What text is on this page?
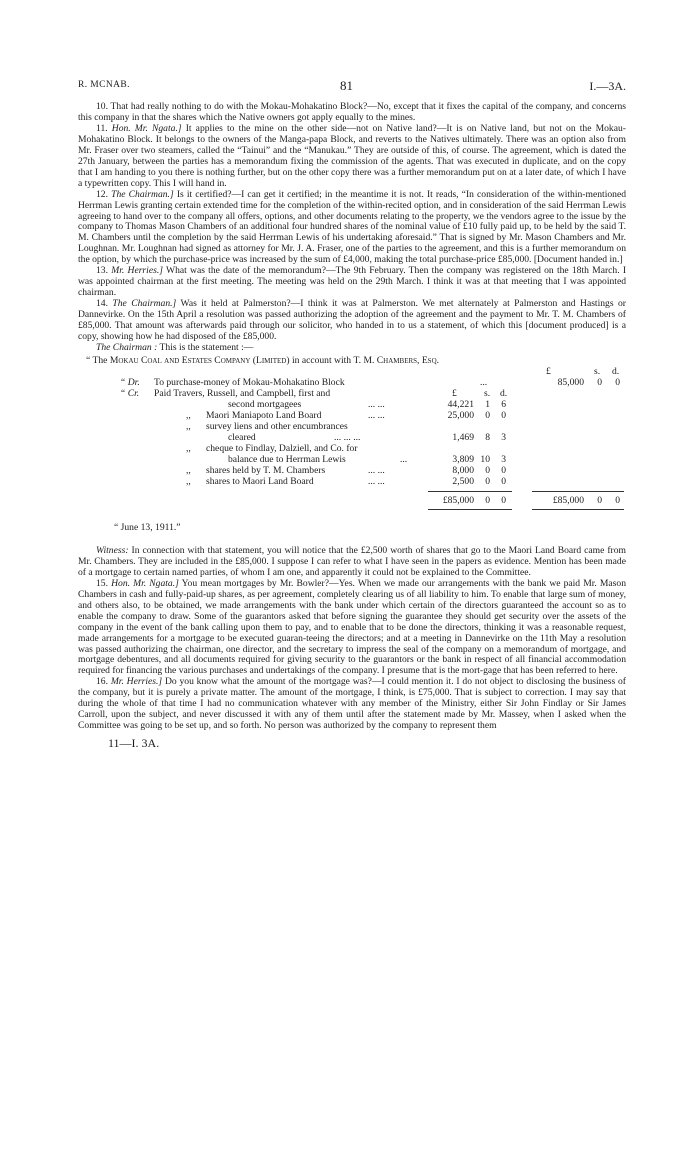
R. MCNAB.	81	I.—3A.

10. That had really nothing to do with the Mokau-Mohakatino Block?—No, except that it fixes the capital of the company, and concerns this company in that the shares which the Native owners got apply equally to the mines.

11. Hon. Mr. Ngata.] It applies to the mine on the other side—not on Native land?—It is on Native land, but not on the Mokau-Mohakatino Block. It belongs to the owners of the Manga-papa Block, and reverts to the Natives ultimately. There was an option also from Mr. Fraser over two steamers, called the “Tainui” and the “Manukau.” They are outside of this, of course. The agreement, which is dated the 27th January, between the parties has a memorandum fixing the commission of the agents. That was executed in duplicate, and on the copy that I am handing to you there is nothing further, but on the other copy there was a further memorandum put on at a later date, of which I have a typewritten copy. This I will hand in.

12. The Chairman.] Is it certified?—I can get it certified; in the meantime it is not. It reads, “In consideration of the within-mentioned Herrman Lewis granting certain extended time for the completion of the within-recited option, and in consideration of the said Herrman Lewis agreeing to hand over to the company all offers, options, and other documents relating to the property, we the vendors agree to the issue by the company to Thomas Mason Chambers of an additional four hundred shares of the nominal value of £10 fully paid up, to be held by the said T. M. Chambers until the completion by the said Herrman Lewis of his undertaking aforesaid.” That is signed by Mr. Mason Chambers and Mr. Loughnan. Mr. Loughnan had signed as attorney for Mr. J. A. Fraser, one of the parties to the agreement, and this is a further memorandum on the option, by which the purchase-price was increased by the sum of £4,000, making the total purchase-price £85,000. [Document handed in.]

13. Mr. Herries.] What was the date of the memorandum?—The 9th February. Then the company was registered on the 18th March. I was appointed chairman at the first meeting. The meeting was held on the 29th March. I think it was at that meeting that I was appointed chairman.

14. The Chairman.] Was it held at Palmerston?—I think it was at Palmerston. We met alternately at Palmerston and Hastings or Dannevirke. On the 15th April a resolution was passed authorizing the adoption of the agreement and the payment to Mr. T. M. Chambers of £85,000. That amount was afterwards paid through our solicitor, who handed in to us a statement, of which this [document produced] is a copy, showing how he had disposed of the £85,000.

The Chairman : This is the statement :—

“ The Mokau Coal and Estates Company (Limited) in account with T. M. Chambers, Esq.
£	s. d.
“ Dr. To purchase-money of Mokau-Mohakatino Block	...	85,000	0	0
“ Cr.	£	s. d.
Paid Travers, Russell, and Campbell, first and
second mortgagees	... ...	44,221	1	6
,, Maori Maniapoto Land Board	... ...	25,000	0	0
,, survey liens and other encumbrances
cleared	... ... ...	1,469	8	3
,, cheque to Findlay, Dalziell, and Co. for
balance due to Herrman Lewis	...	3,809 10	3
,, shares held by T. M. Chambers	... ...	8,000	0	0
,, shares to Maori Land Board	... ...	2,500	0	0
£85,000	0	0	£85,000	0	0
“ June 13, 1911.”

Witness: In connection with that statement, you will notice that the £2,500 worth of shares that go to the Maori Land Board came from Mr. Chambers. They are included in the £85,000. I suppose I can refer to what I have seen in the papers as evidence. Mention has been made of a mortgage to certain named parties, of whom I am one, and apparently it could not be explained to the Committee.

15. Hon. Mr. Ngata.] You mean mortgages by Mr. Bowler?—Yes. When we made our arrangements with the bank we paid Mr. Mason Chambers in cash and fully-paid-up shares, as per agreement, completely clearing us of all liability to him. To enable that large sum of money, and others also, to be obtained, we made arrangements with the bank under which certain of the directors guaranteed the account so as to enable the company to draw. Some of the guarantors asked that before signing the guarantee they should get security over the assets of the company in the event of the bank calling upon them to pay, and to enable that to be done the directors, thinking it was a reasonable request, made arrangements for a mortgage to be executed guaran-teeing the directors; and at a meeting in Dannevirke on the 11th May a resolution was passed authorizing the chairman, one director, and the secretary to impress the seal of the company on a memorandum of mortgage, and mortgage debentures, and all documents required for giving security to the guarantors or the bank in respect of all financial accommodation required for financing the various purchases and undertakings of the company. I presume that is the mort-gage that has been referred to here.

16. Mr. Herries.] Do you know what the amount of the mortgage was?—I could mention it. I do not object to disclosing the business of the company, but it is purely a private matter. The amount of the mortgage, I think, is £75,000. That is subject to correction. I may say that during the whole of that time I had no communication whatever with any member of the Ministry, either Sir John Findlay or Sir James Carroll, upon the subject, and never discussed it with any of them until after the statement made by Mr. Massey, when I asked when the Committee was going to be set up, and so forth. No person was authorized by the company to represent them

11—I. 3A.
